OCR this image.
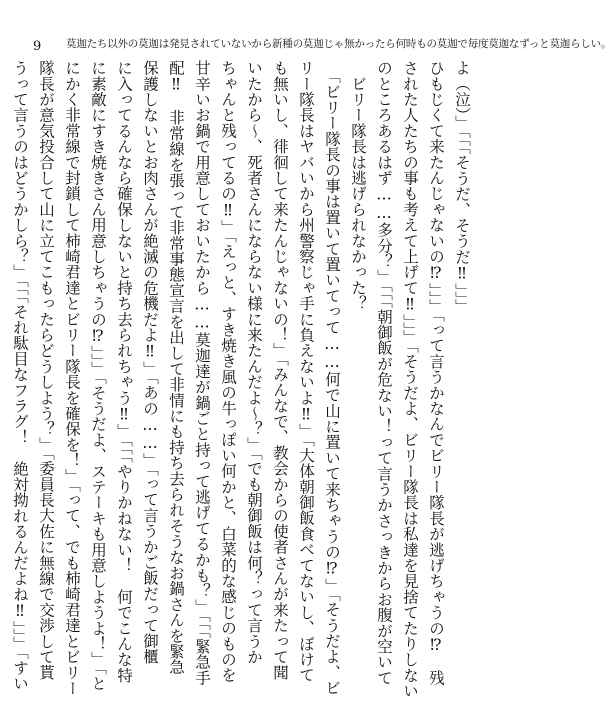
9 莫迦たち以外の莫迦は発見されていないから新種の莫迦じゃ無かったら何時もの莫迦で毎度莫迦なずっと莫迦らしい。

よ（泣）」「「「そうだ、そうだ‼」」」

ひもじくて来たんじゃないの⁉」」」「って言うかなんでビリー隊長が逃げちゃうの⁉　残

された人たちの事も考えて上げて‼」」」「そうだよ、ビリー隊長は私達を見捨てたりしない

のところあるはず……多分？」「「「朝御飯が危ない！って言うかさっきからお腹が空いて

　ビリー隊長は逃げられなかった？

　「ビリー隊長の事は置いて置いてって……何で山に置いて来ちゃうの⁉」「そうだよ、ビ

リー隊長はヤバいから州警察じゃ手に負えないよ‼」「大体朝御飯食べてないし、ぼけて

も無いし、徘徊して来たんじゃないの！」「みんなで、教会からの使者さんが来たって聞

いたから〜、死者さんにならない様に来たんだよ〜？」「でも朝御飯は何？って言うか

ちゃんと残ってるの‼」「えっと、すき焼き風の牛っぽい何かと、白菜的な感じのものを

甘辛いお鍋で用意しておいたから……莫迦達が鍋ごと持って逃げてるかも？」「「「緊急手

配‼　非常線を張って非常事態宣言を出して非情にも持ち去られそうなお鍋さんを緊急

保護しないとお肉さんが絶滅の危機だよ‼」「あの……」「って言うかご飯だって御櫃

に入ってるんなら確保しないと持ち去られちゃう‼」「「「やりかねない！　何でこんな特

に素敵にすき焼きさん用意しちゃうの⁉」」」「そうだよ、ステーキも用意しようよ！」「と

にかく非常線で封鎖して柿崎君達とビリー隊長を確保を！」「って、でも柿崎君達とビリー

隊長が意気投合して山に立てこもったらどうしよう？」「委員長大佐に無線で交渉して貰

うって言うのはどうかしら？」「「「それ駄目なフラグ！　絶対拗れるんだよね‼」」」「すい
